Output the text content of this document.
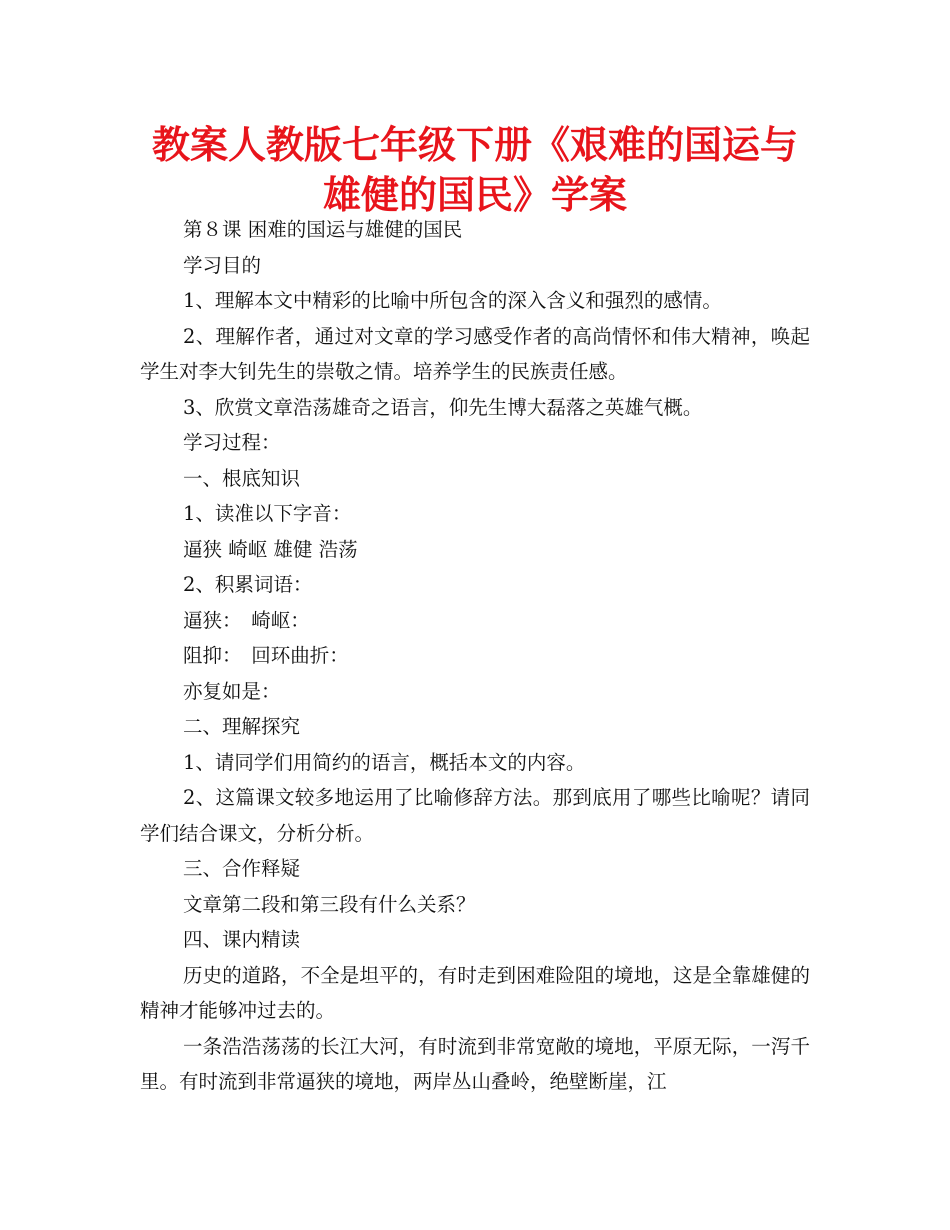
教案人教版七年级下册《艰难的国运与雄健的国民》学案

第８课 困难的国运与雄健的国民

学习目的

1、理解本文中精彩的比喻中所包含的深入含义和强烈的感情。

2、理解作者，通过对文章的学习感受作者的高尚情怀和伟大精神，唤起学生对李大钊先生的崇敬之情。培养学生的民族责任感。

3、欣赏文章浩荡雄奇之语言，仰先生博大磊落之英雄气概。

学习过程：

一、根底知识

1、读准以下字音：

逼狭 崎岖 雄健 浩荡

2、积累词语：

逼狭：　崎岖：

阻抑：　回环曲折：

亦复如是：

二、理解探究

1、请同学们用简约的语言，概括本文的内容。

2、这篇课文较多地运用了比喻修辞方法。那到底用了哪些比喻呢？请同学们结合课文，分析分析。

三、合作释疑

文章第二段和第三段有什么关系？

四、课内精读

历史的道路，不全是坦平的，有时走到困难险阻的境地，这是全靠雄健的精神才能够冲过去的。

一条浩浩荡荡的长江大河，有时流到非常宽敞的境地，平原无际，一泻千里。有时流到非常逼狭的境地，两岸丛山叠岭，绝壁断崖，江
